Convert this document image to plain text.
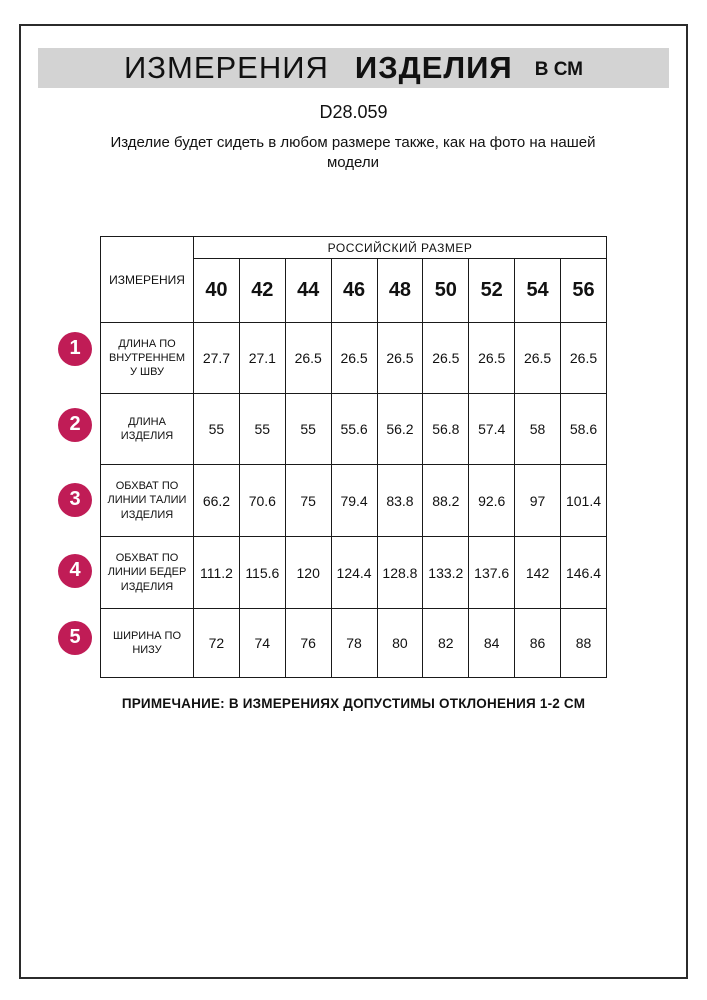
ИЗМЕРЕНИЯ ИЗДЕЛИЯ В СМ
D28.059
Изделие будет сидеть в любом размере также, как на фото на нашей модели
1
2
3
4
5
ИЗМЕРЕНИЯ	РОССИЙСКИЙ РАЗМЕР								
	40	42	44	46	48	50	52	54	56
ДЛИНА ПО ВНУТРЕННЕМУ ШВУ	27.7	27.1	26.5	26.5	26.5	26.5	26.5	26.5	26.5
ДЛИНА ИЗДЕЛИЯ	55	55	55	55.6	56.2	56.8	57.4	58	58.6
ОБХВАТ ПО ЛИНИИ ТАЛИИ ИЗДЕЛИЯ	66.2	70.6	75	79.4	83.8	88.2	92.6	97	101.4
ОБХВАТ ПО ЛИНИИ БЕДЕР ИЗДЕЛИЯ	111.2	115.6	120	124.4	128.8	133.2	137.6	142	146.4
ШИРИНА ПО НИЗУ	72	74	76	78	80	82	84	86	88
ПРИМЕЧАНИЕ: В ИЗМЕРЕНИЯХ ДОПУСТИМЫ ОТКЛОНЕНИЯ 1-2 СМ
